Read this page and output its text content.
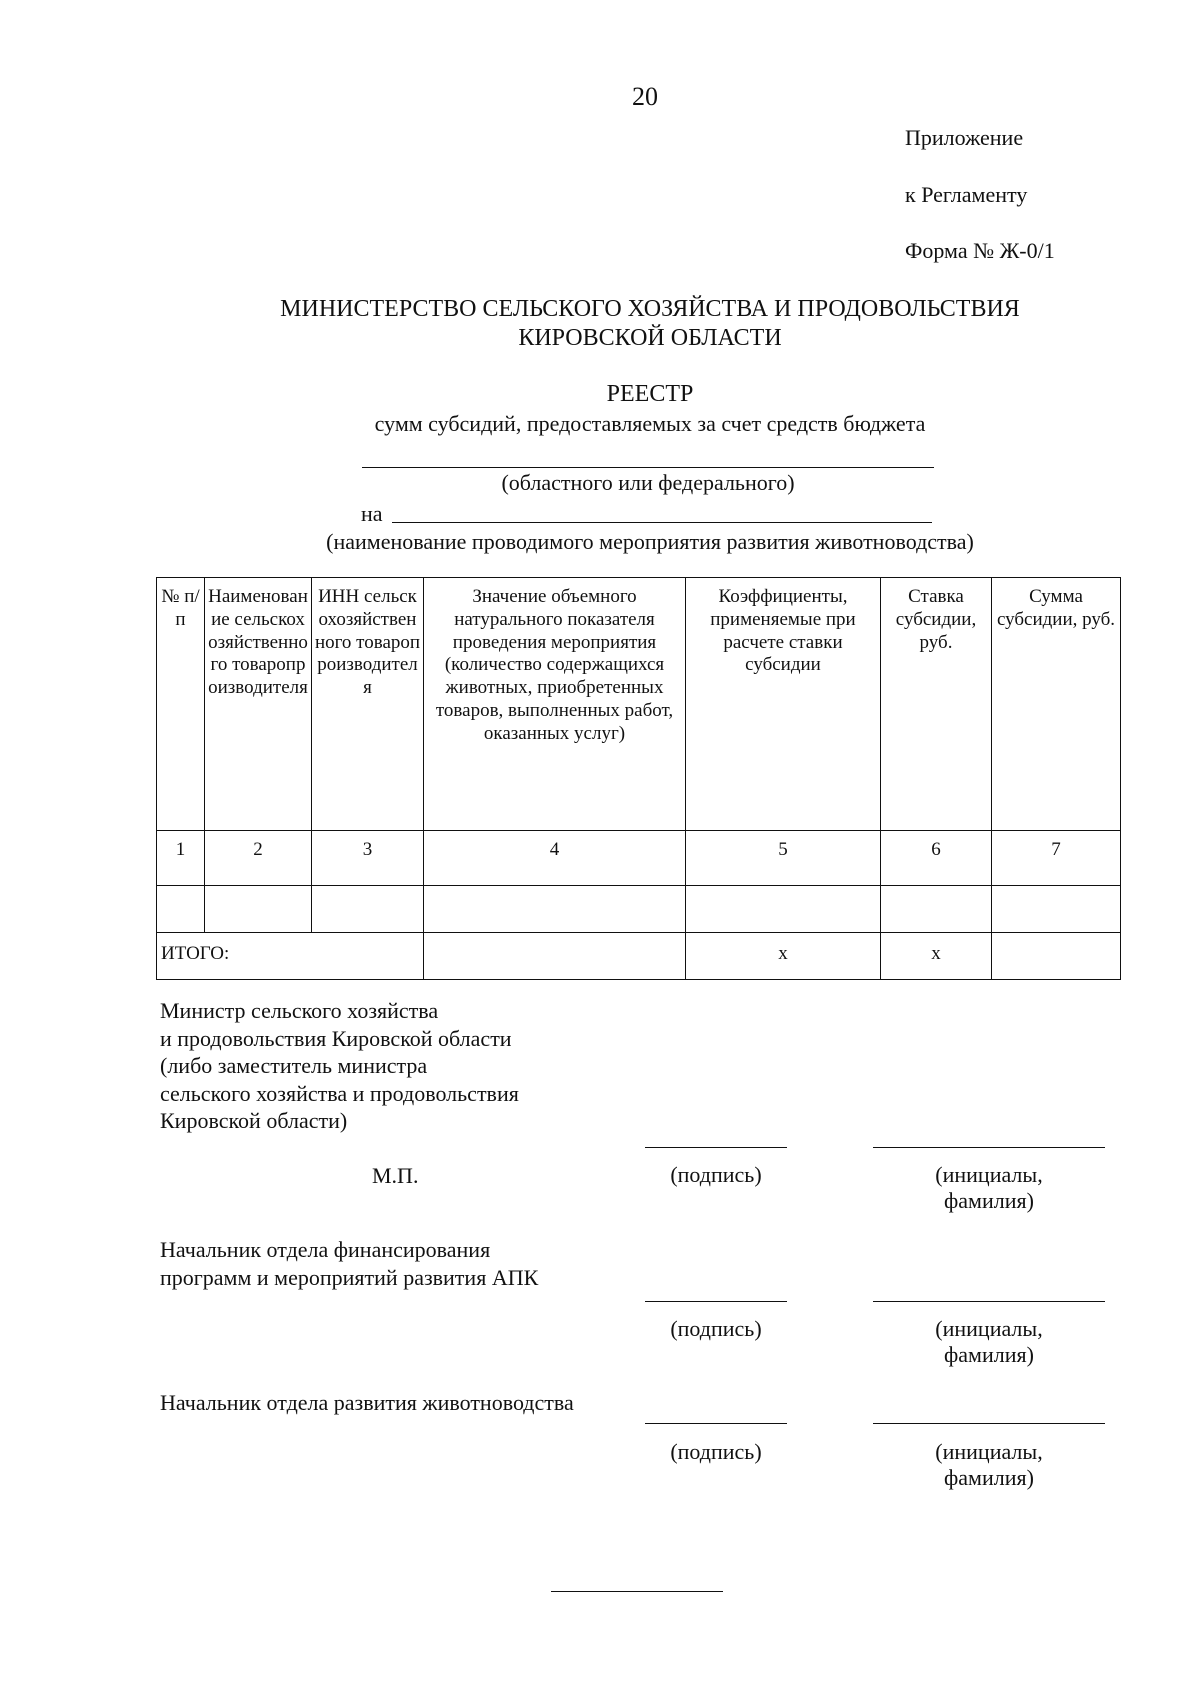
20
Приложение
к Регламенту
Форма № Ж-0/1
МИНИСТЕРСТВО СЕЛЬСКОГО ХОЗЯЙСТВА И ПРОДОВОЛЬСТВИЯ
КИРОВСКОЙ ОБЛАСТИ
РЕЕСТР
сумм субсидий, предоставляемых за счет средств бюджета
(областного или федерального)
на
(наименование проводимого мероприятия развития животноводства)
№ п/п	Наименование сельскохозяйственного товаропроизводителя	ИНН сельскохозяйственного товаропроизводителя	Значение объемного натурального показателя проведения мероприятия (количество содержащихся животных, приобретенных товаров, выполненных работ, оказанных услуг)	Коэффициенты, применяемые при расчете ставки субсидии	Ставка субсидии, руб.	Сумма субсидии, руб.
1	2	3	4	5	6	7

ИТОГО:				x	x	
Министр сельского хозяйства
и продовольствия Кировской области
(либо заместитель министра
сельского хозяйства и продовольствия
Кировской области)
М.П.	(подпись)	(инициалы,
фамилия)
Начальник отдела финансирования
программ и мероприятий развития АПК
(подпись)	(инициалы,
фамилия)
Начальник отдела развития животноводства
(подпись)	(инициалы,
фамилия)
